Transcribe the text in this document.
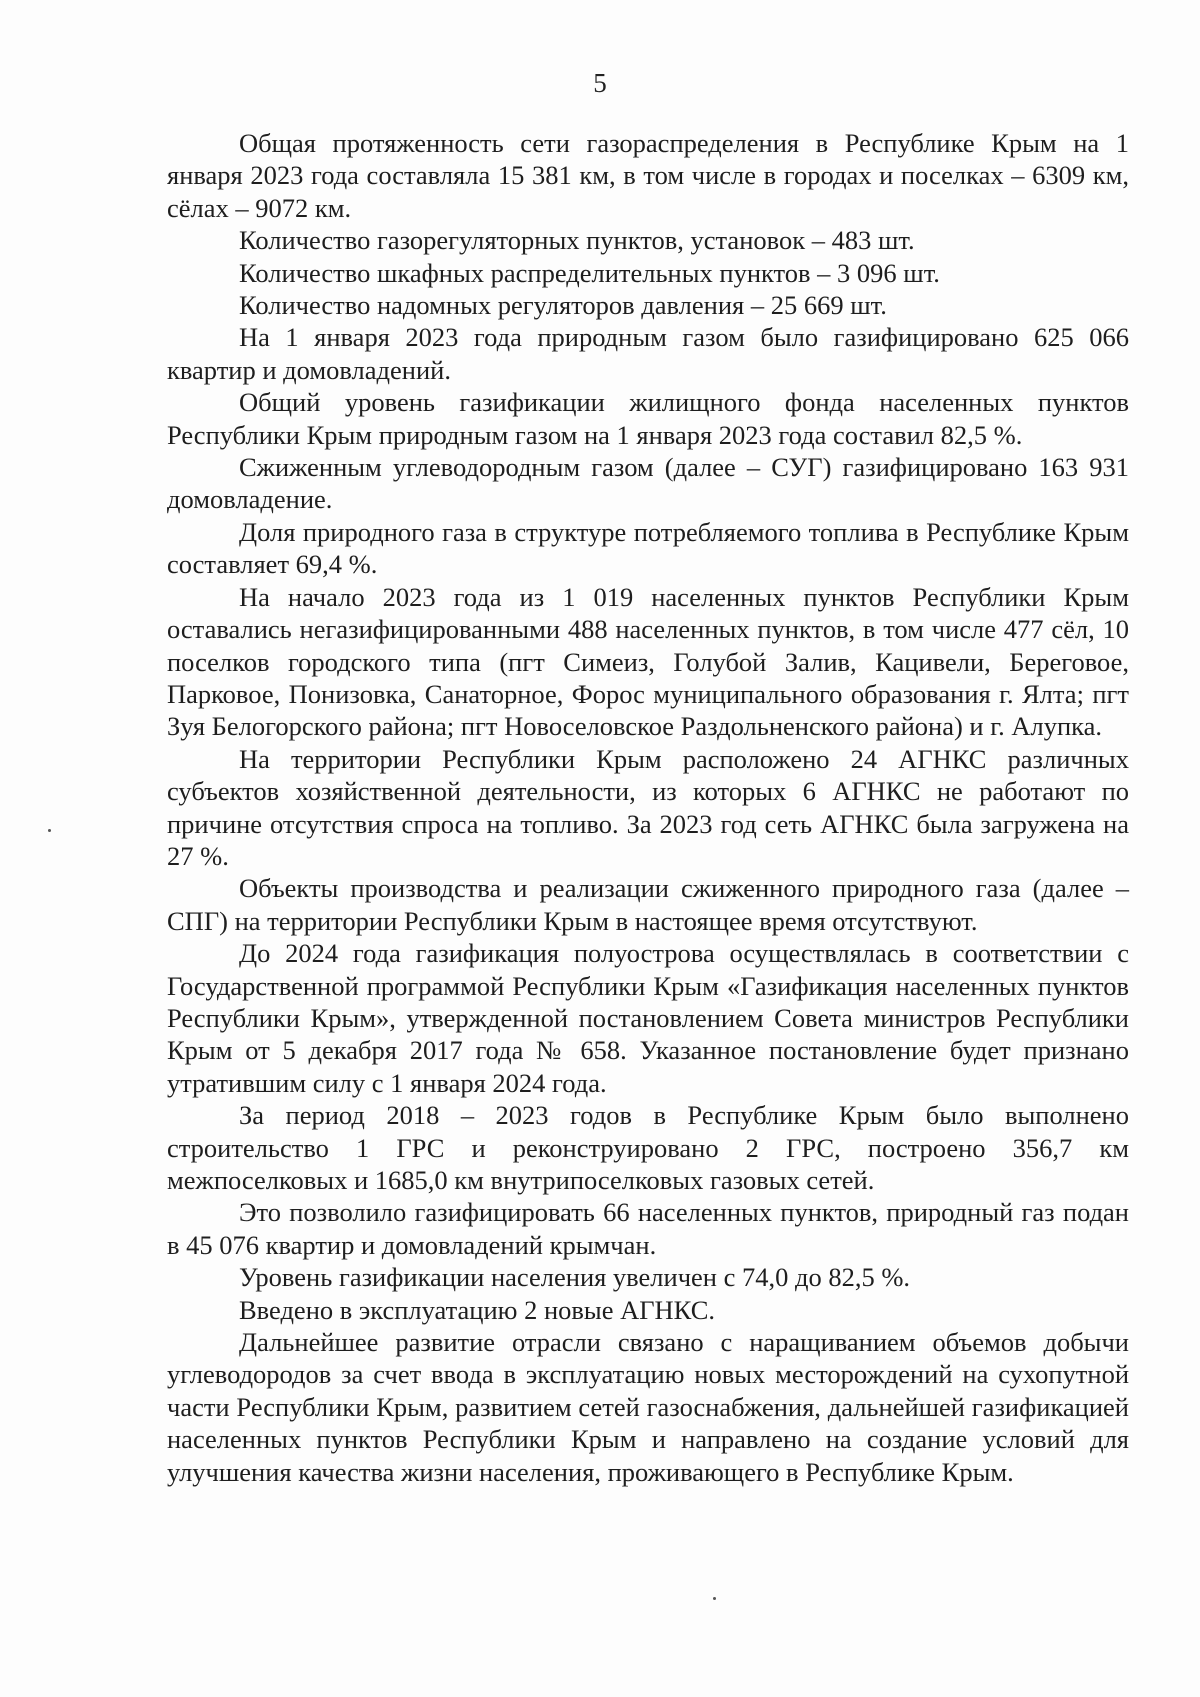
5

Общая протяженность сети газораспределения в Республике Крым на 1 января 2023 года составляла 15 381 км, в том числе в городах и поселках – 6309 км, сёлах – 9072 км.

Количество газорегуляторных пунктов, установок – 483 шт.

Количество шкафных распределительных пунктов – 3 096 шт.

Количество надомных регуляторов давления – 25 669 шт.

На 1 января 2023 года природным газом было газифицировано 625 066 квартир и домовладений.

Общий уровень газификации жилищного фонда населенных пунктов Республики Крым природным газом на 1 января 2023 года составил 82,5 %.

Сжиженным углеводородным газом (далее – СУГ) газифицировано 163 931 домовладение.

Доля природного газа в структуре потребляемого топлива в Республике Крым составляет 69,4 %.

На начало 2023 года из 1 019 населенных пунктов Республики Крым оставались негазифицированными 488 населенных пунктов, в том числе 477 сёл, 10 поселков городского типа (пгт Симеиз, Голубой Залив, Кацивели, Береговое, Парковое, Понизовка, Санаторное, Форос муниципального образования г. Ялта; пгт Зуя Белогорского района; пгт Новоселовское Раздольненского района) и г. Алупка.

На территории Республики Крым расположено 24 АГНКС различных субъектов хозяйственной деятельности, из которых 6 АГНКС не работают по причине отсутствия спроса на топливо. За 2023 год сеть АГНКС была загружена на 27 %.

Объекты производства и реализации сжиженного природного газа (далее – СПГ) на территории Республики Крым в настоящее время отсутствуют.

До 2024 года газификация полуострова осуществлялась в соответствии с Государственной программой Республики Крым «Газификация населенных пунктов Республики Крым», утвержденной постановлением Совета министров Республики Крым от 5 декабря 2017 года № 658. Указанное постановление будет признано утратившим силу с 1 января 2024 года.

За период 2018 – 2023 годов в Республике Крым было выполнено строительство 1 ГРС и реконструировано 2 ГРС, построено 356,7 км межпоселковых и 1685,0 км внутрипоселковых газовых сетей.

Это позволило газифицировать 66 населенных пунктов, природный газ подан в 45 076 квартир и домовладений крымчан.

Уровень газификации населения увеличен с 74,0 до 82,5 %.

Введено в эксплуатацию 2 новые АГНКС.

Дальнейшее развитие отрасли связано с наращиванием объемов добычи углеводородов за счет ввода в эксплуатацию новых месторождений на сухопутной части Республики Крым, развитием сетей газоснабжения, дальнейшей газификацией населенных пунктов Республики Крым и направлено на создание условий для улучшения качества жизни населения, проживающего в Республике Крым.
